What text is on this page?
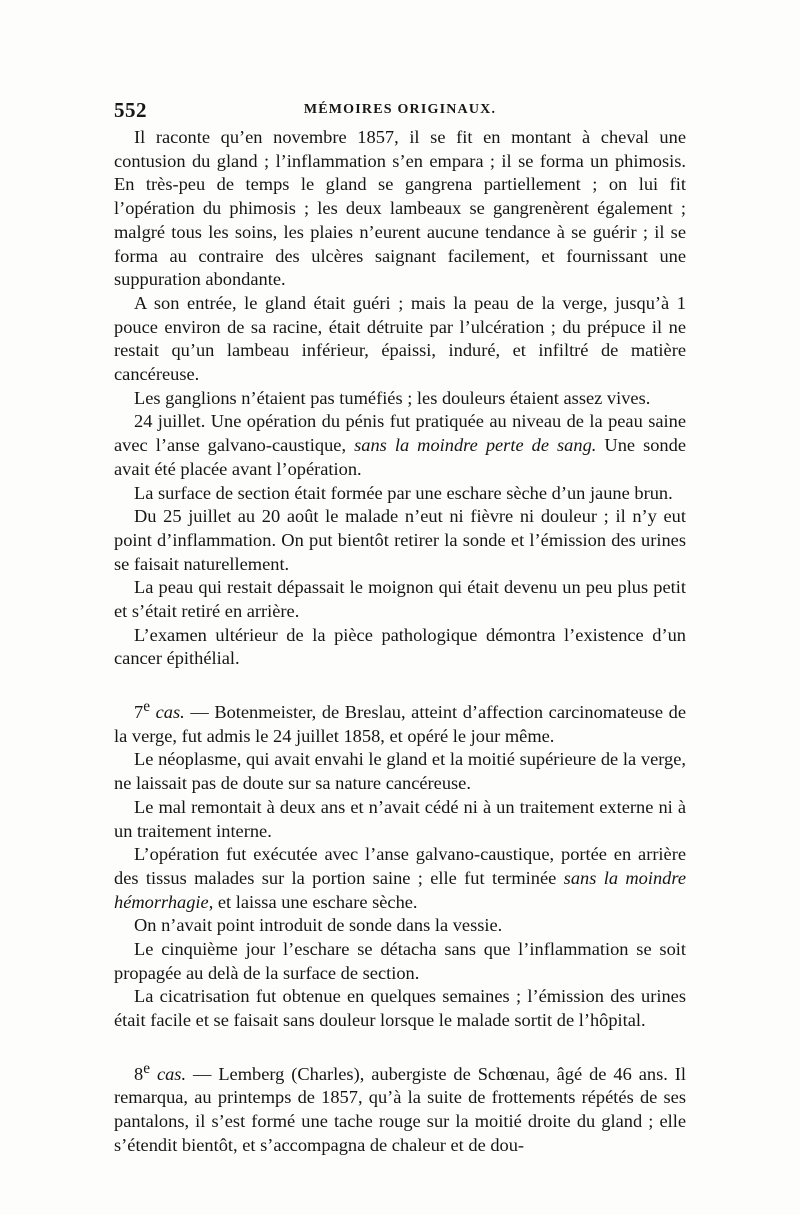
552	MÉMOIRES ORIGINAUX.

Il raconte qu’en novembre 1857, il se fit en montant à cheval une contusion du gland ; l’inflammation s’en empara ; il se forma un phimosis. En très-peu de temps le gland se gangrena partiellement ; on lui fit l’opération du phimosis ; les deux lambeaux se gangrenèrent également ; malgré tous les soins, les plaies n’eurent aucune tendance à se guérir ; il se forma au contraire des ulcères saignant facilement, et fournissant une suppuration abondante.

A son entrée, le gland était guéri ; mais la peau de la verge, jusqu’à 1 pouce environ de sa racine, était détruite par l’ulcération ; du prépuce il ne restait qu’un lambeau inférieur, épaissi, induré, et infiltré de matière cancéreuse.

Les ganglions n’étaient pas tuméfiés ; les douleurs étaient assez vives.

24 juillet. Une opération du pénis fut pratiquée au niveau de la peau saine avec l’anse galvano-caustique, sans la moindre perte de sang. Une sonde avait été placée avant l’opération.

La surface de section était formée par une eschare sèche d’un jaune brun.

Du 25 juillet au 20 août le malade n’eut ni fièvre ni douleur ; il n’y eut point d’inflammation. On put bientôt retirer la sonde et l’émission des urines se faisait naturellement.

La peau qui restait dépassait le moignon qui était devenu un peu plus petit et s’était retiré en arrière.

L’examen ultérieur de la pièce pathologique démontra l’existence d’un cancer épithélial.

7e cas. — Botenmeister, de Breslau, atteint d’affection carcinomateuse de la verge, fut admis le 24 juillet 1858, et opéré le jour même.

Le néoplasme, qui avait envahi le gland et la moitié supérieure de la verge, ne laissait pas de doute sur sa nature cancéreuse.

Le mal remontait à deux ans et n’avait cédé ni à un traitement externe ni à un traitement interne.

L’opération fut exécutée avec l’anse galvano-caustique, portée en arrière des tissus malades sur la portion saine ; elle fut terminée sans la moindre hémorrhagie, et laissa une eschare sèche.

On n’avait point introduit de sonde dans la vessie.

Le cinquième jour l’eschare se détacha sans que l’inflammation se soit propagée au delà de la surface de section.

La cicatrisation fut obtenue en quelques semaines ; l’émission des urines était facile et se faisait sans douleur lorsque le malade sortit de l’hôpital.

8e cas. — Lemberg (Charles), aubergiste de Schœnau, âgé de 46 ans. Il remarqua, au printemps de 1857, qu’à la suite de frottements répétés de ses pantalons, il s’est formé une tache rouge sur la moitié droite du gland ; elle s’étendit bientôt, et s’accompagna de chaleur et de dou-
